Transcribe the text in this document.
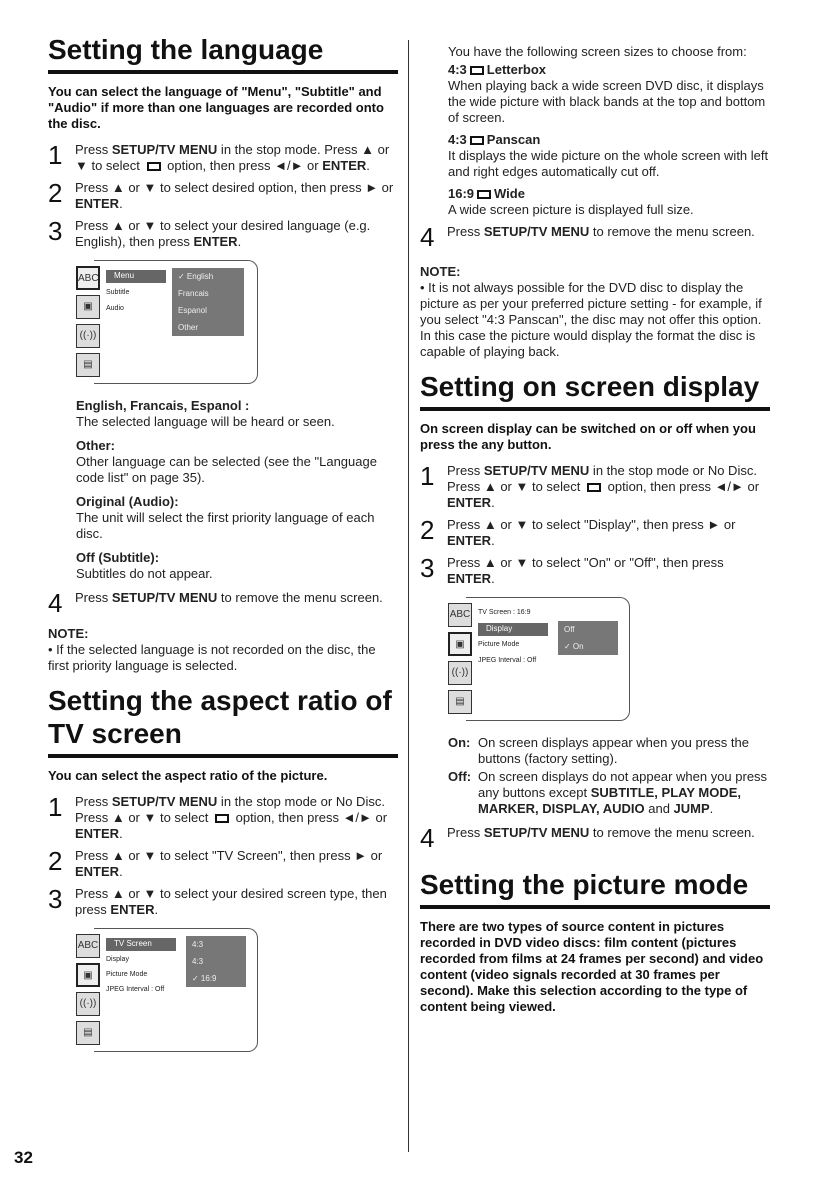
Setting the language

You can select the language of "Menu", "Subtitle" and "Audio" if more than one languages are recorded onto the disc.

1 Press SETUP/TV MENU in the stop mode. Press ▲ or ▼ to select  option, then press ◄/► or ENTER.
2 Press ▲ or ▼ to select desired option, then press ► or ENTER.
3 Press ▲ or ▼ to select your desired language (e.g. English), then press ENTER.
ABC
▣
((·))
▤
Menu
Subtitle
Audio
✓ English
Francais
Espanol
Other
English, Francais, Espanol :
The selected language will be heard or seen.
Other:
Other language can be selected (see the "Language code list" on page 35).
Original (Audio):
The unit will select the first priority language of each disc.
Off (Subtitle):
Subtitles do not appear.
4 Press SETUP/TV MENU to remove the menu screen.
NOTE:
• If the selected language is not recorded on the disc, the first priority language is selected.
Setting the aspect ratio of TV screen

You can select the aspect ratio of the picture.

1 Press SETUP/TV MENU in the stop mode or No Disc. Press ▲ or ▼ to select  option, then press ◄/► or ENTER.
2 Press ▲ or ▼ to select "TV Screen", then press ► or ENTER.
3 Press ▲ or ▼ to select your desired screen type, then press ENTER.
ABC
▣
((·))
▤
TV Screen
Display
Picture Mode
JPEG Interval : Off
4:3
4:3
✓ 16:9

You have the following screen sizes to choose from:

4:3 Letterbox
When playing back a wide screen DVD disc, it displays the wide picture with black bands at the top and bottom of screen.
4:3 Panscan
It displays the wide picture on the whole screen with left and right edges automatically cut off.
16:9 Wide
A wide screen picture is displayed full size.
4 Press SETUP/TV MENU to remove the menu screen.
NOTE:
• It is not always possible for the DVD disc to display the picture as per your preferred picture setting - for example, if you select "4:3 Panscan", the disc may not offer this option. In this case the picture would display the format the disc is capable of playing back.
Setting on screen display

On screen display can be switched on or off when you press the any button.

1 Press SETUP/TV MENU in the stop mode or No Disc. Press ▲ or ▼ to select  option, then press ◄/► or ENTER.
2 Press ▲ or ▼ to select "Display", then press ► or ENTER.
3 Press ▲ or ▼ to select "On" or "Off", then press ENTER.
ABC
▣
((·))
▤
TV Screen : 16:9
Display
Picture Mode
JPEG Interval : Off
Off
✓ On
On: On screen displays appear when you press the buttons (factory setting).
Off: On screen displays do not appear when you press any buttons except SUBTITLE, PLAY MODE, MARKER, DISPLAY, AUDIO and JUMP.
4 Press SETUP/TV MENU to remove the menu screen.
Setting the picture mode

There are two types of source content in pictures recorded in DVD video discs: film content (pictures recorded from films at 24 frames per second) and video content (video signals recorded at 30 frames per second). Make this selection according to the type of content being viewed.

32
